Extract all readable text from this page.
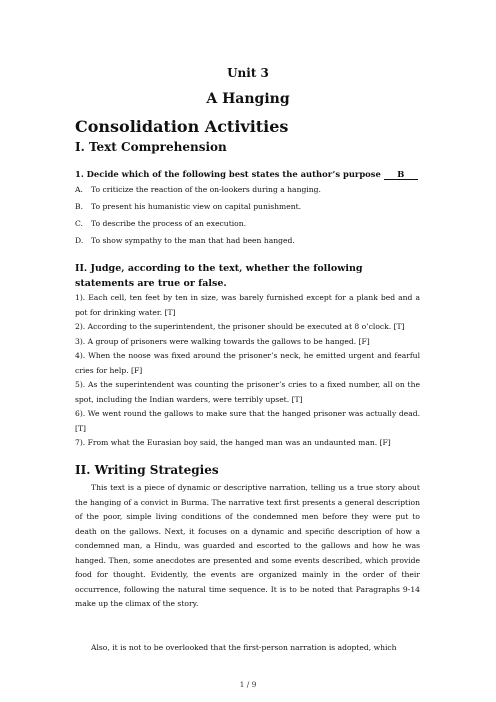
Unit 3
A Hanging
Consolidation Activities
I. Text Comprehension
1. Decide which of the following best states the author’s purpose B
A. To criticize the reaction of the on-lookers during a hanging.
B. To present his humanistic view on capital punishment.
C. To describe the process of an execution.
D. To show sympathy to the man that had been hanged.
II. Judge, according to the text, whether the following statements are true or false.
1). Each cell, ten feet by ten in size, was barely furnished except for a plank bed and a pot for drinking water. [T]
2). According to the superintendent, the prisoner should be executed at 8 o’clock. [T]
3). A group of prisoners were walking towards the gallows to be hanged. [F]
4). When the noose was fixed around the prisoner’s neck, he emitted urgent and fearful cries for help. [F]
5). As the superintendent was counting the prisoner’s cries to a fixed number, all on the spot, including the Indian warders, were terribly upset. [T]
6). We went round the gallows to make sure that the hanged prisoner was actually dead. [T]
7). From what the Eurasian boy said, the hanged man was an undaunted man. [F]
II. Writing Strategies
This text is a piece of dynamic or descriptive narration, telling us a true story about the hanging of a convict in Burma. The narrative text first presents a general description of the poor, simple living conditions of the condemned men before they were put to death on the gallows. Next, it focuses on a dynamic and specific description of how a condemned man, a Hindu, was guarded and escorted to the gallows and how he was hanged. Then, some anecdotes are presented and some events described, which provide food for thought. Evidently, the events are organized mainly in the order of their occurrence, following the natural time sequence. It is to be noted that Paragraphs 9-14 make up the climax of the story.
Also, it is not to be overlooked that the first-person narration is adopted, which
1 / 9
